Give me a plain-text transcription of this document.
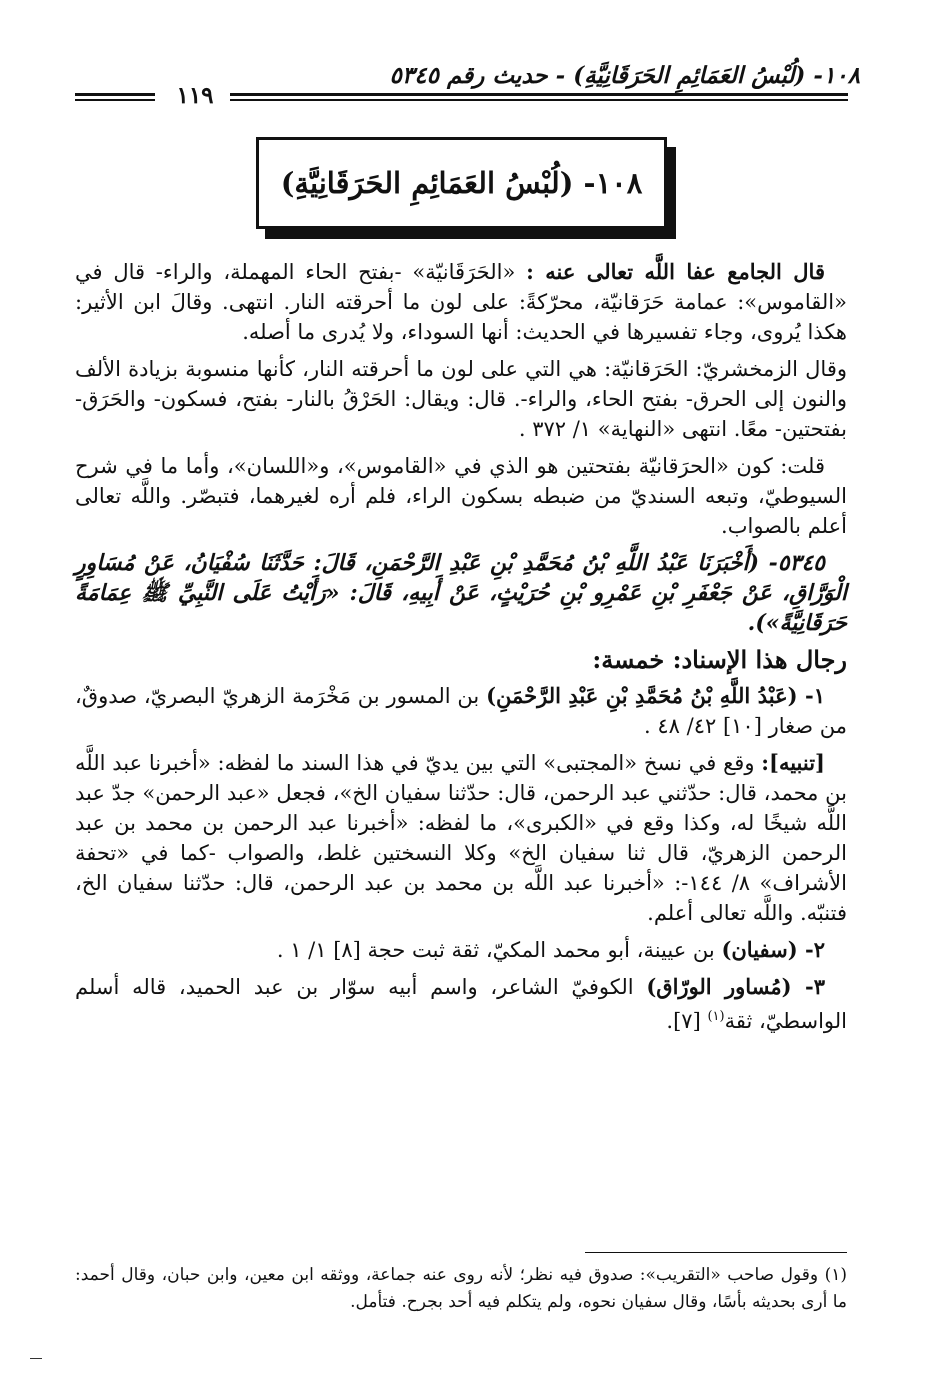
١٠٨- (لُبْسُ العَمَائِمِ الحَرَقَانِيَّةِ) - حديث رقم ٥٣٤٥
١١٩
١٠٨- (لُبْسُ العَمَائِمِ الحَرَقَانِيَّةِ)

قال الجامع عفا اللَّه تعالى عنه : «الحَرَقَانيّة» -بفتح الحاء المهملة، والراء- قال في «القاموس»: عمامة حَرَقانيّة، محرّكةً: على لون ما أحرقته النار. انتهى. وقالَ ابن الأثير: هكذا يُروى، وجاء تفسيرها في الحديث: أنها السوداء، ولا يُدرى ما أصله.

وقال الزمخشريّ: الحَرَقانيّة: هي التي على لون ما أحرقته النار، كأنها منسوبة بزيادة الألف والنون إلى الحرق- بفتح الحاء، والراء-. قال: ويقال: الحَرْقُ بالنار- بفتح، فسكون- والحَرَق- بفتحتين- معًا. انتهى «النهاية» ١/ ٣٧٢ .

قلت: كون «الحرَقانيّة بفتحتين هو الذي في «القاموس»، و«اللسان»، وأما ما في شرح السيوطيّ، وتبعه السنديّ من ضبطه بسكون الراء، فلم أره لغيرهما، فتبصّر. واللَّه تعالى أعلم بالصواب.

٥٣٤٥- (أَخْبَرَنَا عَبْدُ اللَّهِ بْنُ مُحَمَّدِ بْنِ عَبْدِ الرَّحْمَنِ، قَالَ: حَدَّثَنَا سُفْيَانُ، عَنْ مُسَاوِرٍ الْوَرَّاقِ، عَنْ جَعْفَرِ بْنِ عَمْرِو بْنِ حُرَيْثٍ، عَنْ أَبِيهِ، قَالَ: «رَأَيْتُ عَلَى النَّبِيِّ ﷺ عِمَامَةً حَرَقَانِيَّةً»).

رجال هذا الإسناد: خمسة:

١- (عَبْدُ اللَّهِ بْنُ مُحَمَّدِ بْنِ عَبْدِ الرَّحْمَنِ) بن المسور بن مَخْرَمة الزهريّ البصريّ، صدوقٌ، من صغار [١٠] ٤٢/ ٤٨ .

[تنبيه]: وقع في نسخ «المجتبى» التي بين يديّ في هذا السند ما لفظه: «أخبرنا عبد اللَّه بن محمد، قال: حدّثني عبد الرحمن، قال: حدّثنا سفيان الخ»، فجعل «عبد الرحمن» جدّ عبد اللَّه شيخًا له، وكذا وقع في «الكبرى»، ما لفظه: «أخبرنا عبد الرحمن بن محمد بن عبد الرحمن الزهريّ، قال ثنا سفيان الخ» وكلا النسختين غلط، والصواب -كما في «تحفة الأشراف» ٨/ ١٤٤-: «أخبرنا عبد اللَّه بن محمد بن عبد الرحمن، قال: حدّثنا سفيان الخ، فتنبّه. واللَّه تعالى أعلم.

٢- (سفيان) بن عيينة، أبو محمد المكيّ، ثقة ثبت حجة [٨] ١/ ١ .

٣- (مُساور الورّاق) الكوفيّ الشاعر، واسم أبيه سوّار بن عبد الحميد، قاله أسلم الواسطيّ، ثقة$^{(١)}$ [٧].

(١) وقول صاحب «التقريب»: صدوق فيه نظر؛ لأنه روى عنه جماعة، ووثقه ابن معين، وابن حبان، وقال أحمد: ما أرى بحديثه بأسًا، وقال سفيان نحوه، ولم يتكلم فيه أحد بجرح. فتأمل.
